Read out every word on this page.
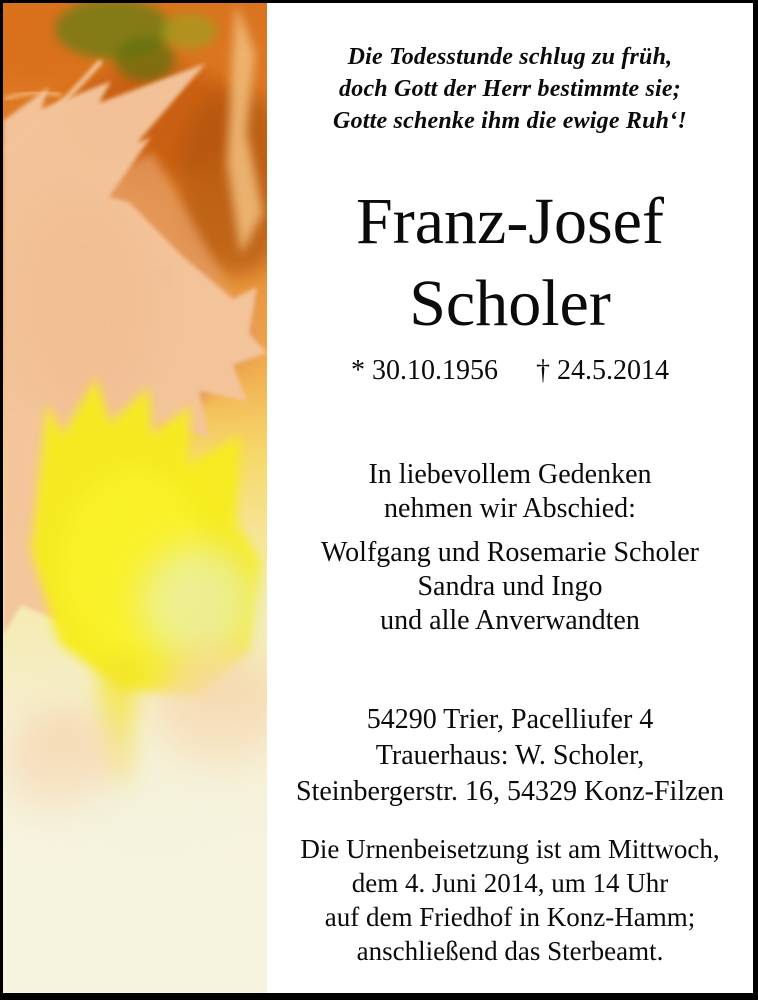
Die Todesstunde schlug zu früh,
doch Gott der Herr bestimmte sie;
Gotte schenke ihm die ewige Ruh‘!
Franz-Josef
Scholer
* 30.10.1956 † 24.5.2014
In liebevollem Gedenken
nehmen wir Abschied:
Wolfgang und Rosemarie Scholer
Sandra und Ingo
und alle Anverwandten
54290 Trier, Pacelliufer 4
Trauerhaus: W. Scholer,
Steinbergerstr. 16, 54329 Konz-Filzen
Die Urnenbeisetzung ist am Mittwoch,
dem 4. Juni 2014, um 14 Uhr
auf dem Friedhof in Konz-Hamm;
anschließend das Sterbeamt.
